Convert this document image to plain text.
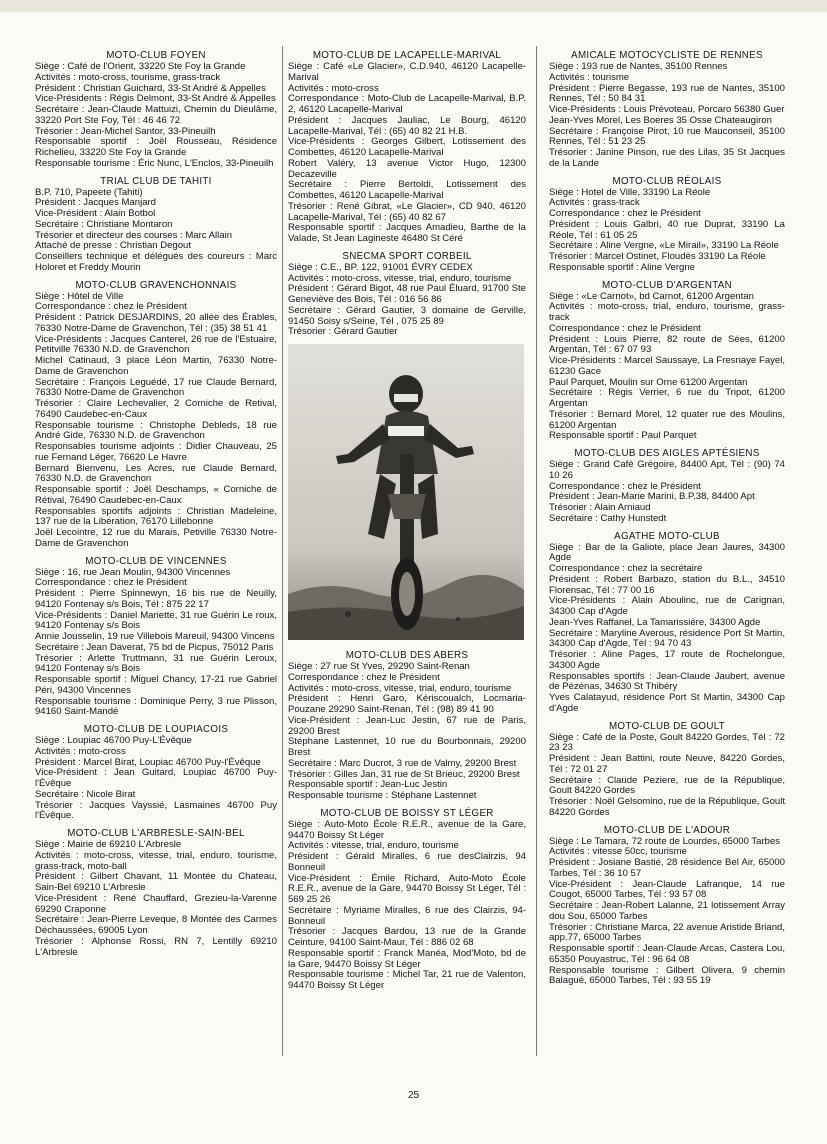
MOTO-CLUB FOYEN

Siège : Café de l'Orient, 33220 Ste Foy la Grande

Activités : moto-cross, tourisme, grass-track

Président : Christian Guichard, 33-St André & Appelles

Vice-Présidents : Régis Delmont, 33-St André & Appelles

Secrétaire : Jean-Claude Mattuizi, Chemin du Dieulâme, 33220 Port Ste Foy, Tél : 46 46 72

Trésorier : Jean-Michel Santor, 33-Pineuilh

Responsable sportif : Joël Rousseau, Résidence Richelieu, 33220 Ste Foy la Grande

Responsable tourisme : Éric Nunc, L'Enclos, 33-Pineuilh

TRIAL CLUB DE TAHITI

B.P. 710, Papeete (Tahiti)

Président : Jacques Manjard

Vice-Président : Alain Botbol

Secrétaire : Christiane Montaron

Trésorier et directeur des courses : Marc Allain

Attaché de presse : Christian Degout

Conseillers technique et délégués des coureurs : Marc Holoret et Freddy Mourin

MOTO-CLUB GRAVENCHONNAIS

Siège : Hôtel de Ville

Correspondance : chez le Président

Président : Patrick DESJARDINS, 20 allée des Érables, 76330 Notre-Dame de Gravenchon, Tél : (35) 38 51 41

Vice-Présidents : Jacques Canterel, 26 rue de l'Estuaire, Petitville 76330 N.D. de Gravenchon

Michel Catinaud, 3 place Léon Martin, 76330 Notre-Dame de Gravenchon

Secrétaire : François Leguédé, 17 rue Claude Bernard, 76330 Notre-Dame de Gravenchon

Trésorier : Claire Lechevalier, 2 Corniche de Retival, 76490 Caudebec-en-Caux

Responsable tourisme : Christophe Debleds, 18 rue André Gide, 76330 N.D. de Gravenchon

Responsables tourisme adjoints : Didier Chauveau, 25 rue Fernand Léger, 76620 Le Havre

Bernard Bienvenu, Les Acres, rue Claude Bernard, 76330 N.D. de Gravenchon

Responsable sportif : Joël Deschamps, « Corniche de Rétival, 76490 Caudebec-en-Caux

Responsables sportifs adjoints : Christian Madeleine, 137 rue de la Libération, 76170 Lillebonne

Joël Lecointre, 12 rue du Marais, Petiville 76330 Notre-Dame de Gravenchon

MOTO-CLUB DE VINCENNES

Siège : 16, rue Jean Moulin, 94300 Vincennes

Correspondance : chez le Président

Président : Pierre Spinnewyn, 16 bis rue de Neuilly, 94120 Fontenay s/s Bois, Tél : 875 22 17

Vice-Présidents : Daniel Mariette, 31 rue Guérin Le roux, 94120 Fontenay s/s Bois

Annie Jousselin, 19 rue Villebois Mareuil, 94300 Vincens

Secrétaire : Jean Daverat, 75 bd de Picpus, 75012 Paris

Trésorier : Arlette Truttmann, 31 rue Guérin Leroux, 94120 Fontenay s/s Bois

Responsable sportif : Miguel Chancy, 17-21 rue Gabriel Péri, 94300 Vincennes

Responsable tourisme : Dominique Perry, 3 rue Plisson, 94160 Saint-Mandé

MOTO-CLUB DE LOUPIACOIS

Siège : Loupiac 46700 Puy-L'Évêque

Activités : moto-cross

Président : Marcel Birat, Loupiac 46700 Puy-l'Évêque

Vice-Président : Jean Guitard, Loupiac 46700 Puy-l'Évêque

Secrétaire : Nicole Birat

Trésorier : Jacques Vayssié, Lasmaines 46700 Puy l'Évêque.

MOTO-CLUB L'ARBRESLE-SAIN-BEL

Siège : Mairie de 69210 L'Arbresle

Activités : moto-cross, vitesse, trial, enduro, tourisme, grass-track, moto-ball

Président : Gilbert Chavant, 11 Montée du Chateau, Sain-Bel 69210 L'Arbresle

Vice-Président : René Chauffard, Grezieu-la-Varenne 69290 Craponne

Secrétaire : Jean-Pierre Leveque, 8 Montée des Carmes Déchaussées, 69005 Lyon

Trésorier : Alphonse Rossi, RN 7, Lentilly 69210 L'Arbresle

MOTO-CLUB DE LACAPELLE-MARIVAL

Siège : Café «Le Glacier», C.D.940, 46120 Lacapelle-Marival

Activités : moto-cross

Correspondance : Moto-Club de Lacapelle-Marival, B.P. 2, 46120 Lacapelle-Marival

Président : Jacques Jauliac, Le Bourg, 46120 Lacapelle-Marival, Tél : (65) 40 82 21 H.B.

Vice-Présidents : Georges Gilbert, Lotissement des Combettes, 46120 Lacapelle-Marival

Robert Valéry, 13 avenue Victor Hugo, 12300 Decazeville

Secrétaire : Pierre Bertoldi, Lotissement des Combettes, 46120 Lacapelle-Marival

Trésorier : René Gibrat, «Le Glacier», CD 940, 46120 Lacapelle-Marival, Tél : (65) 40 82 67

Responsable sportif : Jacques Amadieu, Barthe de la Valade, St Jean Lagineste 46480 St Céré

SNECMA SPORT CORBEIL

Siège : C.E., BP. 122, 91001 ÉVRY CEDEX

Activités : moto-cross, vitesse, trial, enduro, tourisme

Président : Gérard Bigot, 48 rue Paul Éluard, 91700 Ste Geneviève des Bois, Tél : 016 56 86

Secrétaire : Gérard Gautier, 3 domaine de Gerville, 91450 Soisy s/Seine, Tél , 075 25 89

Trésorier : Gérard Gautier

MOTO-CLUB DES ABERS

Siège : 27 rue St Yves, 29290 Saint-Renan

Correspondance : chez le Président

Activités : moto-cross, vitesse, trial, enduro, tourisme

Président : Henri Garo, Kériscoualch, Locmaria-Pouzane 29290 Saint-Renan, Tél : (98) 89 41 90

Vice-Président : Jean-Luc Jestin, 67 rue de Paris, 29200 Brest

Stéphane Lastennet, 10 rue du Bourbonnais, 29200 Brest

Secrétaire : Marc Ducrot, 3 rue de Valmy, 29200 Brest

Trésorier : Gilles Jan, 31 rue de St Brieuc, 29200 Brest

Responsable sportif : Jean-Luc Jestin

Responsable tourisme : Stéphane Lastennet

MOTO-CLUB DE BOISSY ST LÉGER

Siège : Auto-Moto École R.E.R., avenue de la Gare, 94470 Boissy St Léger

Activités : vitesse, trial, enduro, tourisme

Président : Gérald Miralles, 6 rue desClairzis, 94 Bonneuil

Vice-Président : Émile Richard, Auto-Moto École R.E.R., avenue de la Gare, 94470 Boissy St Léger, Tél : 569 25 26

Secrétaire : Myriame Miralles, 6 rue des Clairzis, 94-Bonneuil

Trésorier : Jacques Bardou, 13 rue de la Grande Ceinture, 94100 Saint-Maur, Tél : 886 02 68

Responsable sportif : Franck Manéa, Mod'Moto, bd de la Gare, 94470 Boissy St Léger

Responsable tourisme : Michel Tar, 21 rue de Valenton, 94470 Boissy St Léger

AMICALE MOTOCYCLISTE DE RENNES

Siège : 193 rue de Nantes, 35100 Rennes

Activités : tourisme

Président : Pierre Begasse, 193 rue de Nantes, 35100 Rennes, Tél : 50 84 31

Vice-Présidents : Louis Prévoteau, Porcaro 56380 Guer

Jean-Yves Morel, Les Boeres 35 Osse Chateaugiron

Secrétaire : Françoise Pirot, 10 rue Mauconseil, 35100 Rennes, Tél : 51 23 25

Trésorier : Janine Pinson, rue des Lilas, 35 St Jacques de la Lande

MOTO-CLUB RÉOLAIS

Siège : Hotel de Ville, 33190 La Réole

Activités : grass-track

Correspondance : chez le Président

Président : Louis Galbri, 40 rue Duprat, 33190 La Réole, Tél : 61 05 25

Secrétaire : Aline Vergne, «Le Mirail», 33190 La Réole

Trésorier : Marcel Ostinet, Floudès 33190 La Réole

Responsable sportif : Aline Vergne

MOTO-CLUB D'ARGENTAN

Siège : «Le Carnot», bd Carnot, 61200 Argentan

Activités : moto-cross, trial, enduro, tourisme, grass-track

Correspondance : chez le Président

Président : Louis Pierre, 82 route de Sées, 61200 Argentan, Tél : 67 07 93

Vice-Présidents : Marcel Saussaye, La Fresnaye Fayel, 61230 Gace

Paul Parquet, Moulin sur Orne 61200 Argentan

Secrétaire : Régis Verrier, 6 rue du Tripot, 61200 Argentan

Trésorier : Bernard Morel, 12 quater rue des Moulins, 61200 Argentan

Responsable sportif : Paul Parquet

MOTO-CLUB DES AIGLES APTÉSIENS

Siège : Grand Café Grégoire, 84400 Apt, Tél : (90) 74 10 26

Correspondance : chez le Président

Président : Jean-Marie Marini, B.P.38, 84400 Apt

Trésorier : Alain Arniaud

Secrétaire : Cathy Hunstedt

AGATHE MOTO-CLUB

Siège : Bar de la Galiote, place Jean Jaures, 34300 Agde

Correspondance : chez la secrétaire

Président : Robert Barbazo, station du B.L., 34510 Florensac, Tél : 77 00 16

Vice-Présidents : Alain Aboulinc, rue de Carignan, 34300 Cap d'Agde

Jean-Yves Raffanel, La Tamarissière, 34300 Agde

Secrétaire : Maryline Averous, résidence Port St Martin, 34300 Cap d'Agde, Tél : 94 70 43

Trésorier : Aline Pages, 17 route de Rochelongue, 34300 Agde

Responsables sportifs : Jean-Claude Jaubert, avenue de Pézénas, 34630 St Thibéry

Yves Calatayud, résidence Port St Martin, 34300 Cap d'Agde

MOTO-CLUB DE GOULT

Siège : Café de la Poste, Goult 84220 Gordes, Tél : 72 23 23

Président : Jean Battini, route Neuve, 84220 Gordes, Tél : 72 01 27

Secrétaire : Claude Peziere, rue de la République, Goult 84220 Gordes

Trésorier : Noël Gelsomino, rue de la République, Goult 84220 Gordes

MOTO-CLUB DE L'ADOUR

Siège : Le Tamara, 72 route de Lourdes, 65000 Tarbes

Activités : vitesse 50cc, tourisme

Président : Josiane Bastié, 28 résidence Bel Air, 65000 Tarbes, Tél : 36 10 57

Vice-Président : Jean-Claude Lafranque, 14 rue Cougot, 65000 Tarbes, Tél : 93 57 08

Secrétaire : Jean-Robert Lalanne, 21 lotissement Array dou Sou, 65000 Tarbes

Trésorier : Christiane Marca, 22 avenue Aristide Briand, app.77, 65000 Tarbes

Responsable sportif : Jean-Claude Arcas, Castera Lou, 65350 Pouyastruc, Tél : 96 64 08

Responsable tourisme : Gilbert Olivera, 9 chemin Balagué, 65000 Tarbes, Tél : 93 55 19

25
